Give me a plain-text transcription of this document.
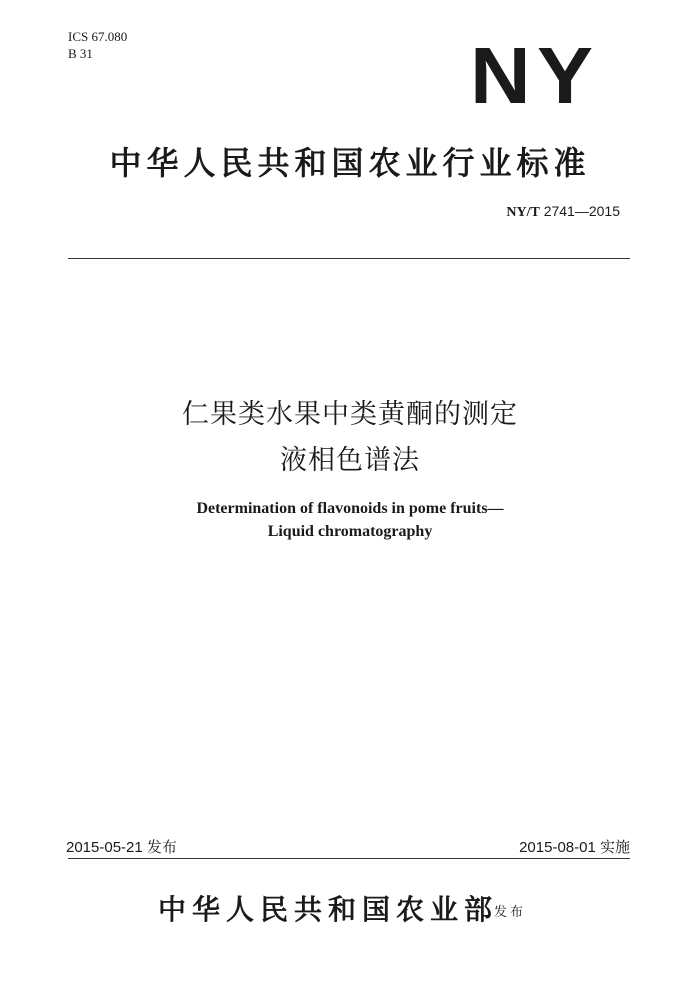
ICS 67.080
B 31	NY
中华人民共和国农业行业标准
NY/T 2741—2015
仁果类水果中类黄酮的测定
液相色谱法
Determination of flavonoids in pome fruits—
Liquid chromatography
2015-05-21 发布	2015-08-01 实施
中华人民共和国农业部
发布
